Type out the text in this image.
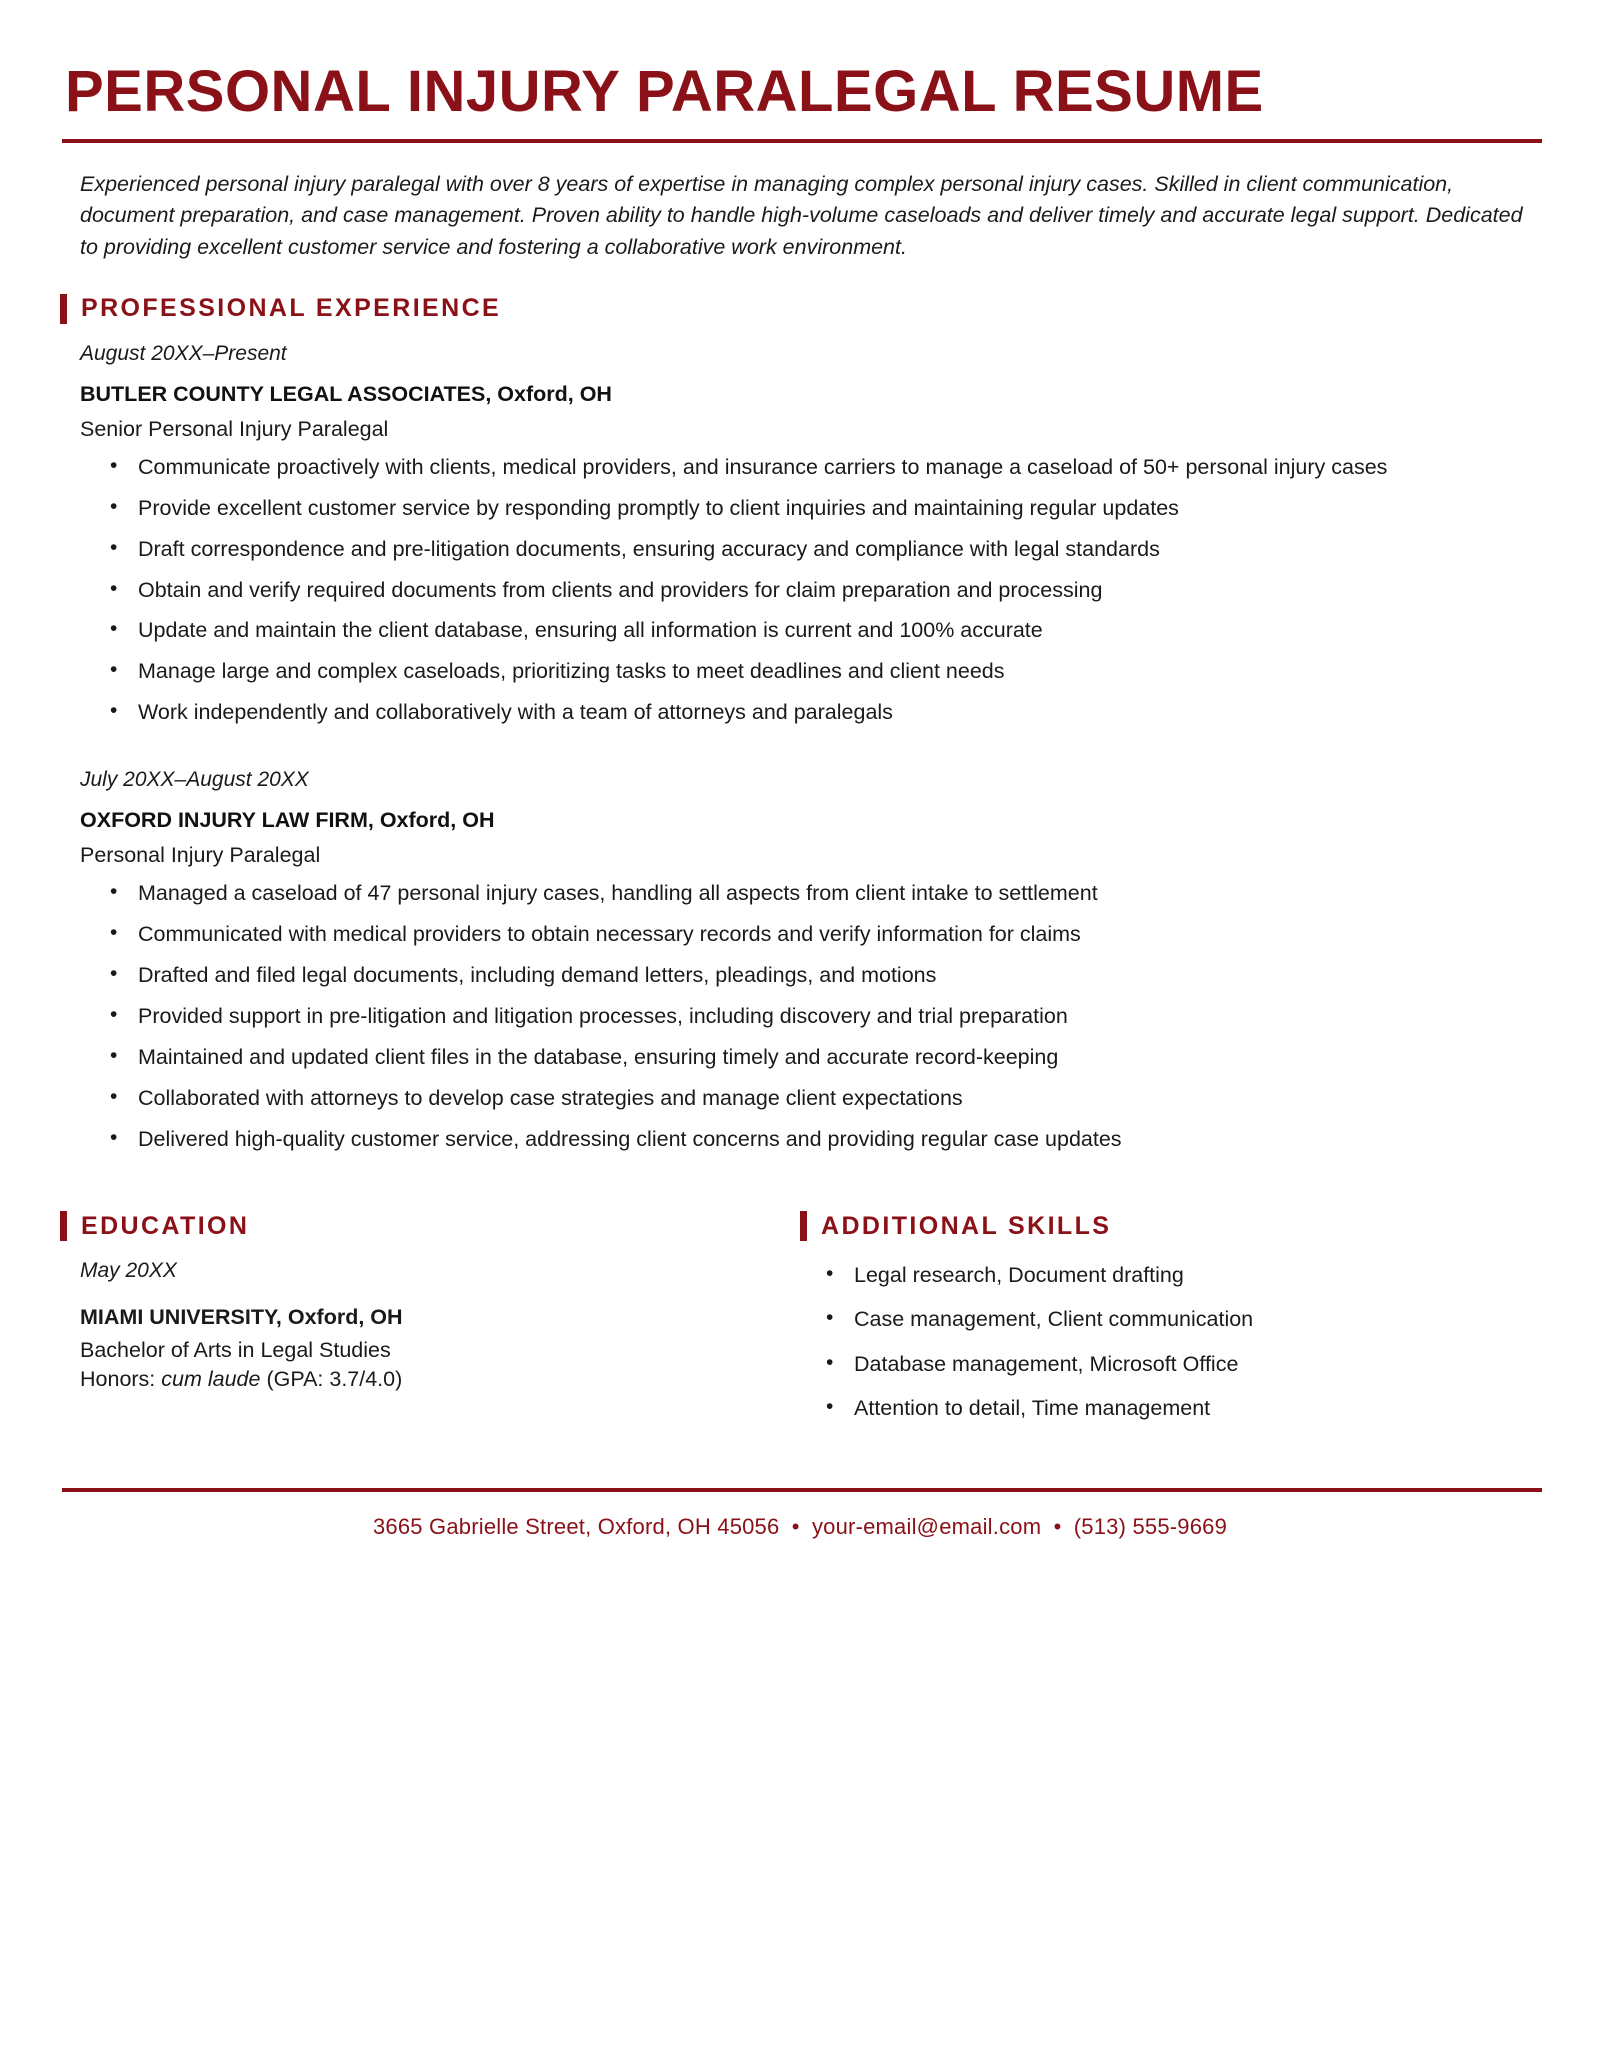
PERSONAL INJURY PARALEGAL RESUME

Experienced personal injury paralegal with over 8 years of expertise in managing complex personal injury cases. Skilled in client communication, document preparation, and case management. Proven ability to handle high-volume caseloads and deliver timely and accurate legal support. Dedicated to providing excellent customer service and fostering a collaborative work environment.

PROFESSIONAL EXPERIENCE
August 20XX–Present
BUTLER COUNTY LEGAL ASSOCIATES, Oxford, OH
Senior Personal Injury Paralegal
• Communicate proactively with clients, medical providers, and insurance carriers to manage a caseload of 50+ personal injury cases
• Provide excellent customer service by responding promptly to client inquiries and maintaining regular updates
• Draft correspondence and pre-litigation documents, ensuring accuracy and compliance with legal standards
• Obtain and verify required documents from clients and providers for claim preparation and processing
• Update and maintain the client database, ensuring all information is current and 100% accurate
• Manage large and complex caseloads, prioritizing tasks to meet deadlines and client needs
• Work independently and collaboratively with a team of attorneys and paralegals
July 20XX–August 20XX
OXFORD INJURY LAW FIRM, Oxford, OH
Personal Injury Paralegal
• Managed a caseload of 47 personal injury cases, handling all aspects from client intake to settlement
• Communicated with medical providers to obtain necessary records and verify information for claims
• Drafted and filed legal documents, including demand letters, pleadings, and motions
• Provided support in pre-litigation and litigation processes, including discovery and trial preparation
• Maintained and updated client files in the database, ensuring timely and accurate record-keeping
• Collaborated with attorneys to develop case strategies and manage client expectations
• Delivered high-quality customer service, addressing client concerns and providing regular case updates
EDUCATION
May 20XX
MIAMI UNIVERSITY, Oxford, OH
Bachelor of Arts in Legal Studies
Honors: cum laude (GPA: 3.7/4.0)
ADDITIONAL SKILLS
• Legal research, Document drafting
• Case management, Client communication
• Database management, Microsoft Office
• Attention to detail, Time management
3665 Gabrielle Street, Oxford, OH 45056 • your-email@email.com • (513) 555-9669
